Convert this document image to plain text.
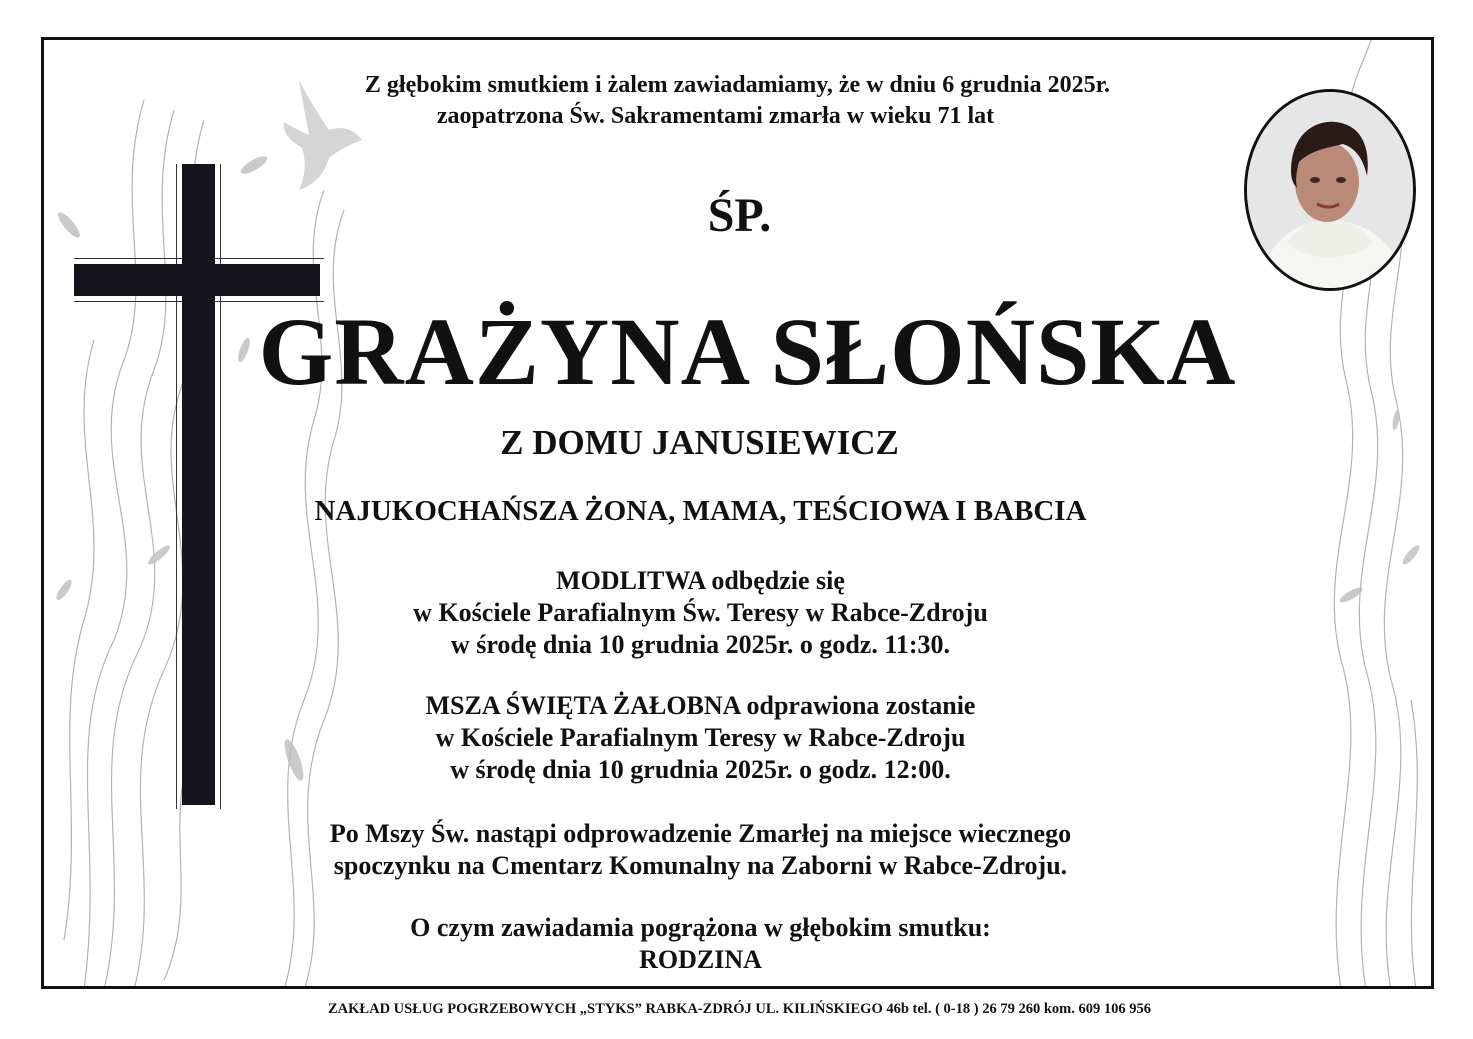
Z głębokim smutkiem i żalem zawiadamiamy, że w dniu 6 grudnia 2025r.
zaopatrzona Św. Sakramentami zmarła w wieku 71 lat
ŚP.
GRAŻYNA SŁOŃSKA
Z DOMU JANUSIEWICZ
NAJUKOCHAŃSZA ŻONA, MAMA, TEŚCIOWA I BABCIA
MODLITWA odbędzie się
w Kościele Parafialnym Św. Teresy w Rabce-Zdroju
w środę dnia 10 grudnia 2025r. o godz. 11:30.
MSZA ŚWIĘTA ŻAŁOBNA odprawiona zostanie
w Kościele Parafialnym Teresy w Rabce-Zdroju
w środę dnia 10 grudnia 2025r. o godz. 12:00.
Po Mszy Św. nastąpi odprowadzenie Zmarłej na miejsce wiecznego
spoczynku na Cmentarz Komunalny na Zaborni w Rabce-Zdroju.
O czym zawiadamia pogrążona w głębokim smutku:
RODZINA
ZAKŁAD USŁUG POGRZEBOWYCH „STYKS” RABKA-ZDRÓJ UL. KILIŃSKIEGO 46b tel. ( 0-18 ) 26 79 260 kom. 609 106 956
